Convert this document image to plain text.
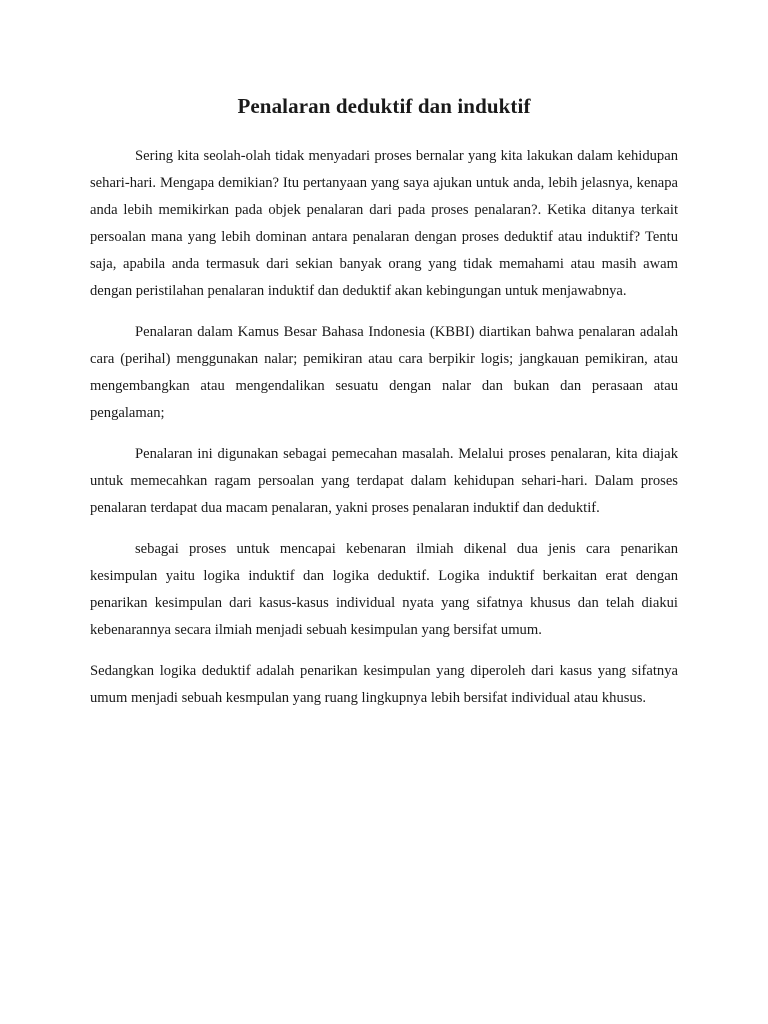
Penalaran deduktif dan induktif

Sering kita seolah-olah tidak menyadari proses bernalar yang kita lakukan dalam kehidupan sehari-hari. Mengapa demikian? Itu pertanyaan yang saya ajukan untuk anda, lebih jelasnya, kenapa anda lebih memikirkan pada objek penalaran dari pada proses penalaran?. Ketika ditanya terkait persoalan mana yang lebih dominan antara penalaran dengan proses deduktif atau induktif? Tentu saja, apabila anda termasuk dari sekian banyak orang yang tidak memahami atau masih awam dengan peristilahan penalaran induktif dan deduktif akan kebingungan untuk menjawabnya.

Penalaran dalam Kamus Besar Bahasa Indonesia (KBBI) diartikan bahwa penalaran adalah cara (perihal) menggunakan nalar; pemikiran atau cara berpikir logis; jangkauan pemikiran, atau mengembangkan atau mengendalikan sesuatu dengan nalar dan bukan dan perasaan atau pengalaman;

Penalaran ini digunakan sebagai pemecahan masalah. Melalui proses penalaran, kita diajak untuk memecahkan ragam persoalan yang terdapat dalam kehidupan sehari-hari. Dalam proses penalaran terdapat dua macam penalaran, yakni proses penalaran induktif dan deduktif.

sebagai proses untuk mencapai kebenaran ilmiah dikenal dua jenis cara penarikan kesimpulan yaitu logika induktif dan logika deduktif. Logika induktif berkaitan erat dengan penarikan kesimpulan dari kasus-kasus individual nyata yang sifatnya khusus dan telah diakui kebenarannya secara ilmiah menjadi sebuah kesimpulan yang bersifat umum.

Sedangkan logika deduktif adalah penarikan kesimpulan yang diperoleh dari kasus yang sifatnya umum menjadi sebuah kesmpulan yang ruang lingkupnya lebih bersifat individual atau khusus.
